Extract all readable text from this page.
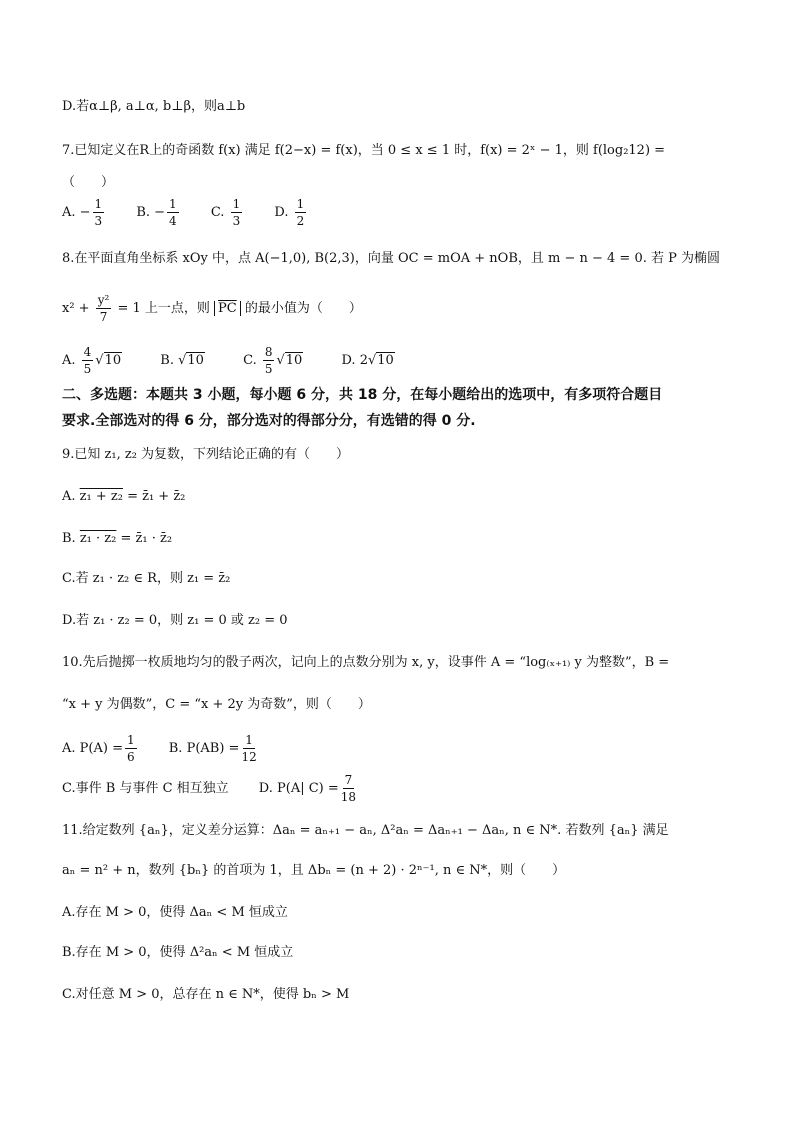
D.若α⊥β, a⊥α, b⊥β，则a⊥b
7.已知定义在R上的奇函数 f(x) 满足 f(2−x) = f(x)，当 0 ≤ x ≤ 1 时，f(x) = 2ˣ − 1，则 f(log₂12) =
（　　）
A. − $\frac{1}{3} B$. − $\frac{1}{4} C$. $\frac{1}{3} D$. $\frac{1}{2}$
8.在平面直角坐标系 xOy 中，点 A(−1,0), B(2,3)，向量 OC = mOA + nOB，且 m − n − 4 = 0. 若 P 为椭圆
$x^2 + \frac{\text{y²}}{7} = 1$ 上一点，则 $\overline{PC}$ 的最小值为（　　）
A. $\frac{4}{5} √10$	B. √10	C. $\frac{8}{5} √10$	D. 2√10
二、多选题：本题共 3 小题，每小题 6 分，共 18 分，在每小题给出的选项中，有多项符合题目
要求.全部选对的得 6 分，部分选对的得部分分，有选错的得 0 分.
9.已知 z₁, z₂ 为复数，下列结论正确的有（　　）
A. z₁ + z₂ = z̄₁ + z̄₂
B. z₁ · z₂ = z̄₁ · z̄₂
C.若 z₁ · z₂ ∈ R，则 z₁ = z̄₂
D.若 z₁ · z₂ = 0，则 z₁ = 0 或 z₂ = 0
10.先后抛掷一枚质地均匀的骰子两次，记向上的点数分别为 x, y，设事件 A = “log₍ₓ₊₁₎ y 为整数”，B =
“x + y 为偶数”，C = “x + 2y 为奇数”，则（　　）
A. $P(A) = \frac{1}{6} B$. $P(AB) = \frac{1}{12}$
C.事件 B 与事件 C 相互独立 D. P(A| $C) = \frac{7}{18}$
11.给定数列 {aₙ}，定义差分运算：Δaₙ = aₙ₊₁ − aₙ, Δ²aₙ = Δaₙ₊₁ − Δaₙ, n ∈ N*. 若数列 {aₙ} 满足
aₙ = n² + n，数列 {bₙ} 的首项为 1，且 Δbₙ = (n + 2) · 2ⁿ⁻¹, n ∈ N*，则（　　）
A.存在 M > 0，使得 Δaₙ < M 恒成立
B.存在 M > 0，使得 Δ²aₙ < M 恒成立
C.对任意 M > 0，总存在 n ∈ N*，使得 bₙ > M
